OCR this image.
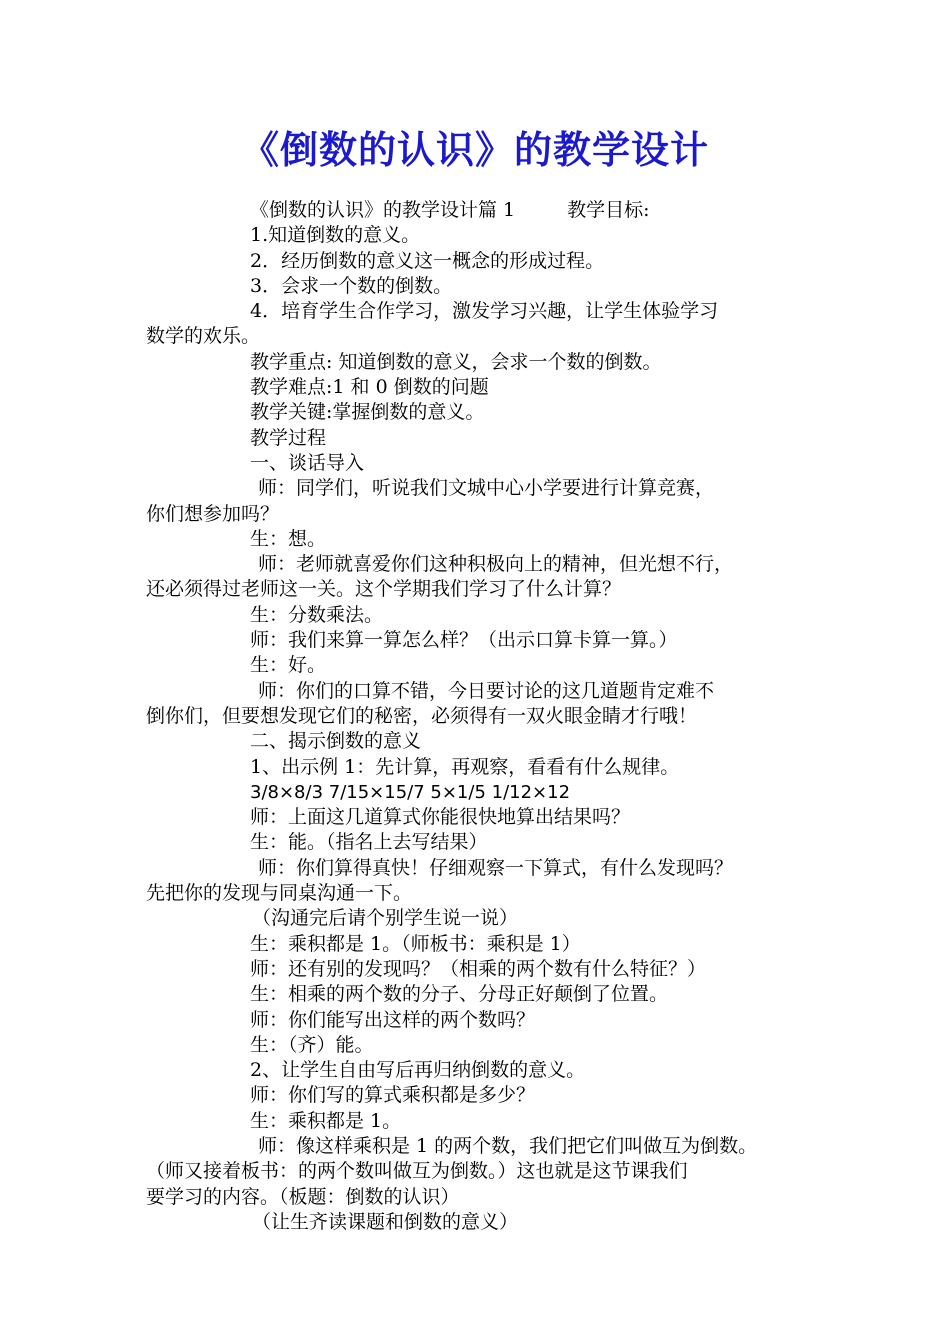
《倒数的认识》的教学设计
《倒数的认识》的教学设计篇 1	教学目标:
1.知道倒数的意义。
2．经历倒数的意义这一概念的形成过程。
3．会求一个数的倒数。
4．培育学生合作学习，激发学习兴趣，让学生体验学习
数学的欢乐。
教学重点: 知道倒数的意义，会求一个数的倒数。
教学难点:1 和 0 倒数的问题
教学关键:掌握倒数的意义。
教学过程
一、谈话导入
师：同学们，听说我们文城中心小学要进行计算竞赛，
你们想参加吗？
生：想。
师：老师就喜爱你们这种积极向上的精神，但光想不行，
还必须得过老师这一关。这个学期我们学习了什么计算？
生：分数乘法。
师：我们来算一算怎么样？（出示口算卡算一算。）
生：好。
师：你们的口算不错，今日要讨论的这几道题肯定难不
倒你们，但要想发现它们的秘密，必须得有一双火眼金睛才行哦！
二、揭示倒数的意义
1、出示例 1：先计算，再观察，看看有什么规律。
3/8×8/3 7/15×15/7 5×1/5 1/12×12
师：上面这几道算式你能很快地算出结果吗？
生：能。（指名上去写结果）
师：你们算得真快！仔细观察一下算式，有什么发现吗？
先把你的发现与同桌沟通一下。
（沟通完后请个别学生说一说）
生：乘积都是 1。（师板书：乘积是 1）
师：还有别的发现吗？（相乘的两个数有什么特征？）
生：相乘的两个数的分子、分母正好颠倒了位置。
师：你们能写出这样的两个数吗？
生：（齐）能。
2、让学生自由写后再归纳倒数的意义。
师：你们写的算式乘积都是多少？
生：乘积都是 1。
师：像这样乘积是 1 的两个数，我们把它们叫做互为倒数。
（师又接着板书：的两个数叫做互为倒数。）这也就是这节课我们
要学习的内容。（板题：倒数的认识）
（让生齐读课题和倒数的意义）
